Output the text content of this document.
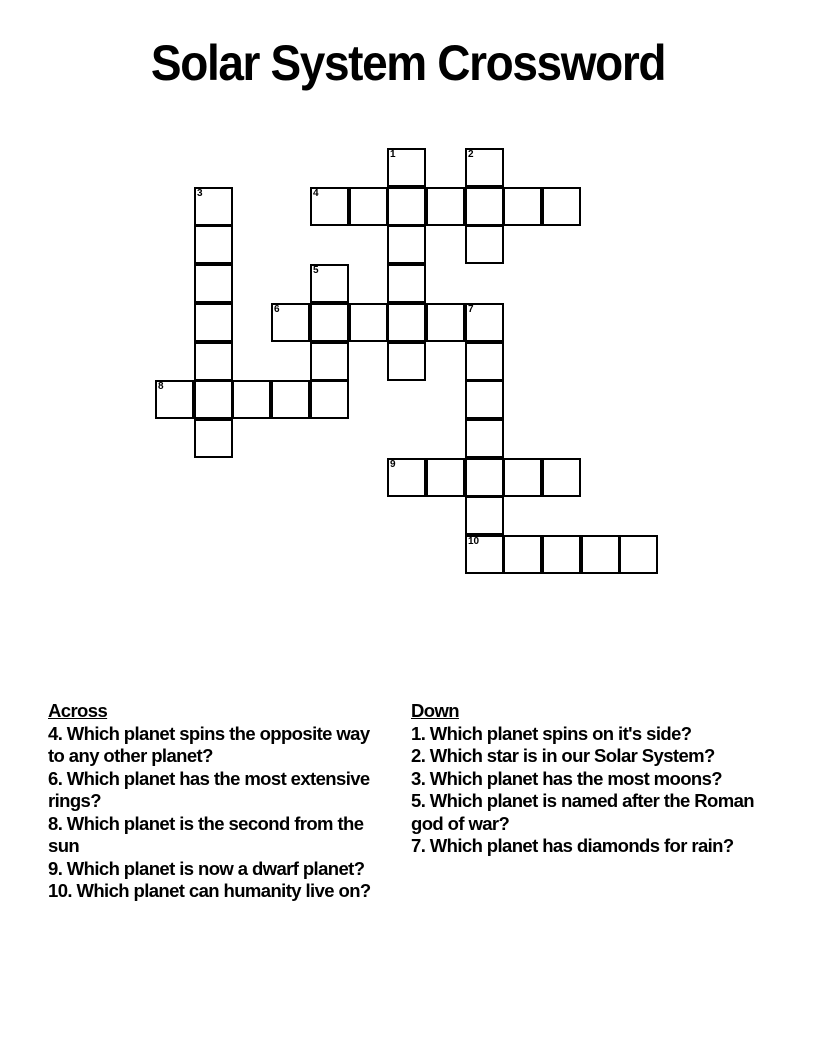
Solar System Crossword
1	2
3	4
5
6	7
8
9
10
Across
4. Which planet spins the opposite way to any other planet?
6. Which planet has the most extensive rings?
8. Which planet is the second from the sun
9. Which planet is now a dwarf planet?
10. Which planet can humanity live on?
Down
1. Which planet spins on it's side?
2. Which star is in our Solar System?
3. Which planet has the most moons?
5. Which planet is named after the Roman god of war?
7. Which planet has diamonds for rain?
